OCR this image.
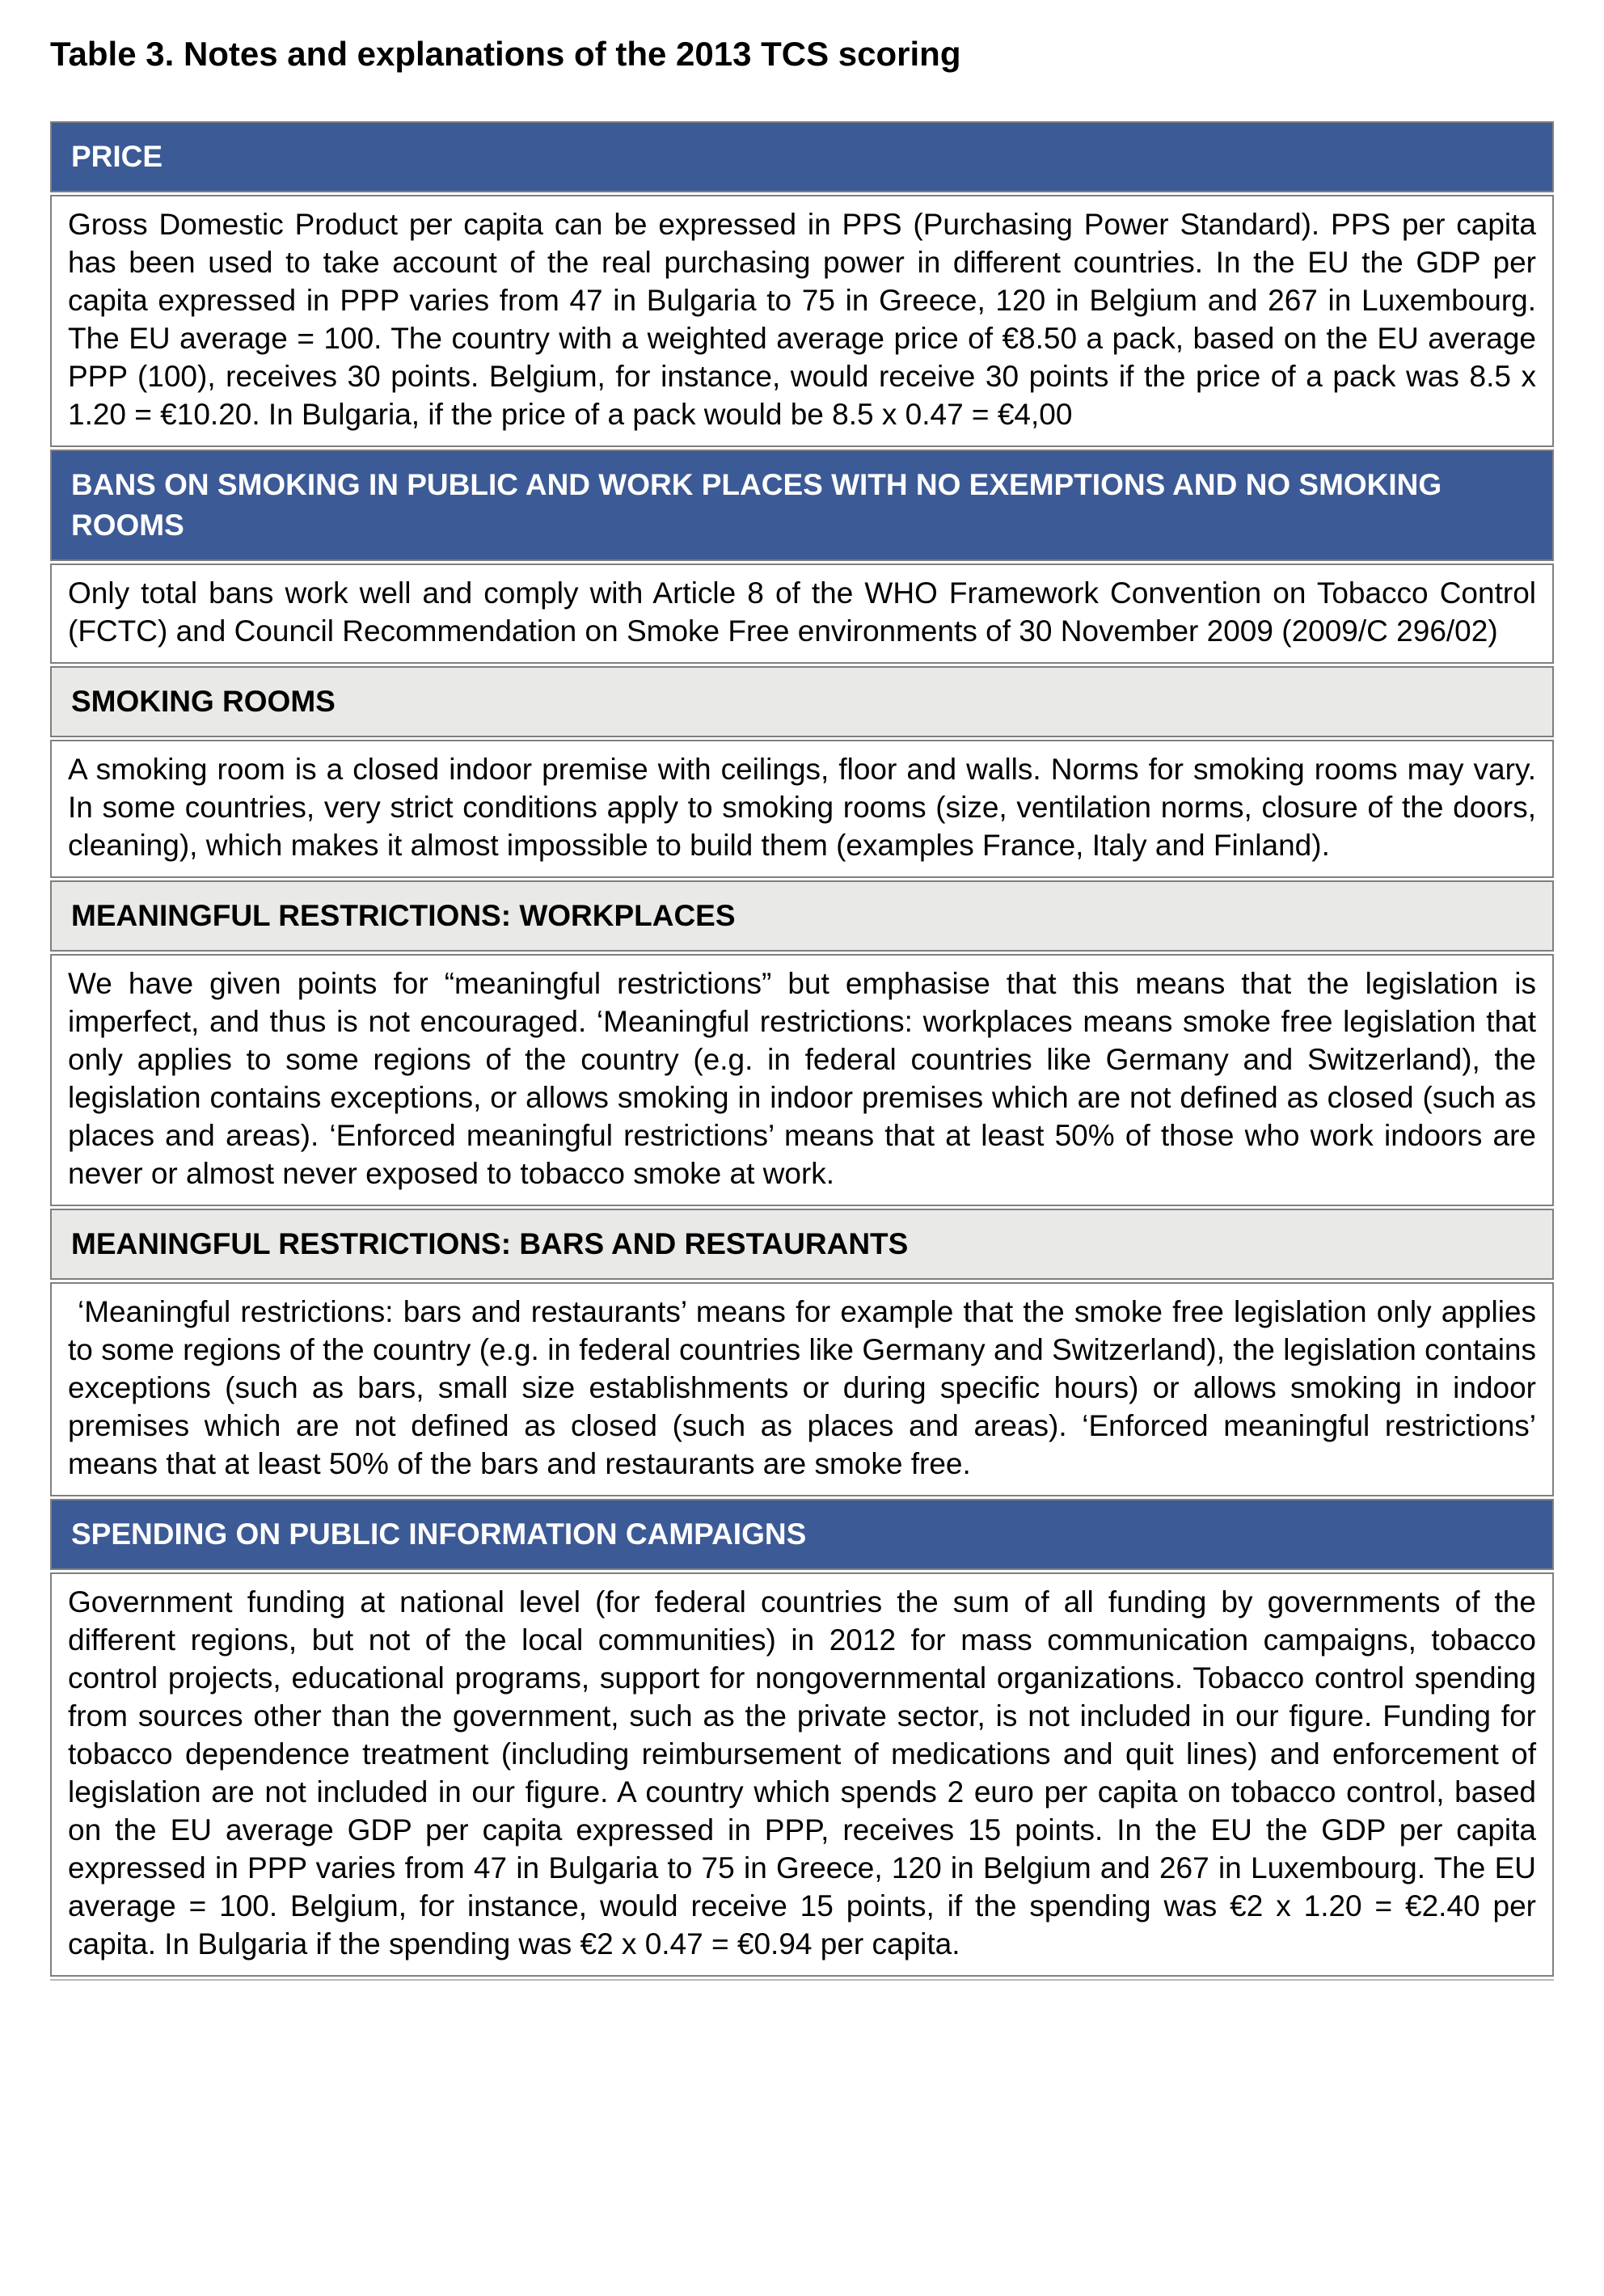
Table 3. Notes and explanations of the 2013 TCS scoring
PRICE

Gross Domestic Product per capita can be expressed in PPS (Purchasing Power Standard). PPS per capita has been used to take account of the real purchasing power in different countries. In the EU the GDP per capita expressed in PPP varies from 47 in Bulgaria to 75 in Greece, 120 in Belgium and 267 in Luxembourg. The EU average = 100. The country with a weighted average price of €8.50 a pack, based on the EU average PPP (100), receives 30 points. Belgium, for instance, would receive 30 points if the price of a pack was 8.5 x 1.20 = €10.20. In Bulgaria, if the price of a pack would be 8.5 x 0.47 = €4,00

BANS ON SMOKING IN PUBLIC AND WORK PLACES WITH NO EXEMPTIONS AND NO SMOKING ROOMS

Only total bans work well and comply with Article 8 of the WHO Framework Convention on Tobacco Control (FCTC) and Council Recommendation on Smoke Free environments of 30 November 2009 (2009/C 296/02)

SMOKING ROOMS

A smoking room is a closed indoor premise with ceilings, floor and walls. Norms for smoking rooms may vary. In some countries, very strict conditions apply to smoking rooms (size, ventilation norms, closure of the doors, cleaning), which makes it almost impossible to build them (examples France, Italy and Finland).

MEANINGFUL RESTRICTIONS: WORKPLACES

We have given points for “meaningful restrictions” but emphasise that this means that the legislation is imperfect, and thus is not encouraged. ‘Meaningful restrictions: workplaces means smoke free legislation that only applies to some regions of the country (e.g. in federal countries like Germany and Switzerland), the legislation contains exceptions, or allows smoking in indoor premises which are not defined as closed (such as places and areas). ‘Enforced meaningful restrictions’ means that at least 50% of those who work indoors are never or almost never exposed to tobacco smoke at work.

MEANINGFUL RESTRICTIONS: BARS AND RESTAURANTS

‘Meaningful restrictions: bars and restaurants’ means for example that the smoke free legislation only applies to some regions of the country (e.g. in federal countries like Germany and Switzerland), the legislation contains exceptions (such as bars, small size establishments or during specific hours) or allows smoking in indoor premises which are not defined as closed (such as places and areas). ‘Enforced meaningful restrictions’ means that at least 50% of the bars and restaurants are smoke free.

SPENDING ON PUBLIC INFORMATION CAMPAIGNS

Government funding at national level (for federal countries the sum of all funding by governments of the different regions, but not of the local communities) in 2012 for mass communication campaigns, tobacco control projects, educational programs, support for nongovernmental organizations. Tobacco control spending from sources other than the government, such as the private sector, is not included in our figure. Funding for tobacco dependence treatment (including reimbursement of medications and quit lines) and enforcement of legislation are not included in our figure. A country which spends 2 euro per capita on tobacco control, based on the EU average GDP per capita expressed in PPP, receives 15 points. In the EU the GDP per capita expressed in PPP varies from 47 in Bulgaria to 75 in Greece, 120 in Belgium and 267 in Luxembourg. The EU average = 100. Belgium, for instance, would receive 15 points, if the spending was €2 x 1.20 = €2.40 per capita. In Bulgaria if the spending was €2 x 0.47 = €0.94 per capita.
